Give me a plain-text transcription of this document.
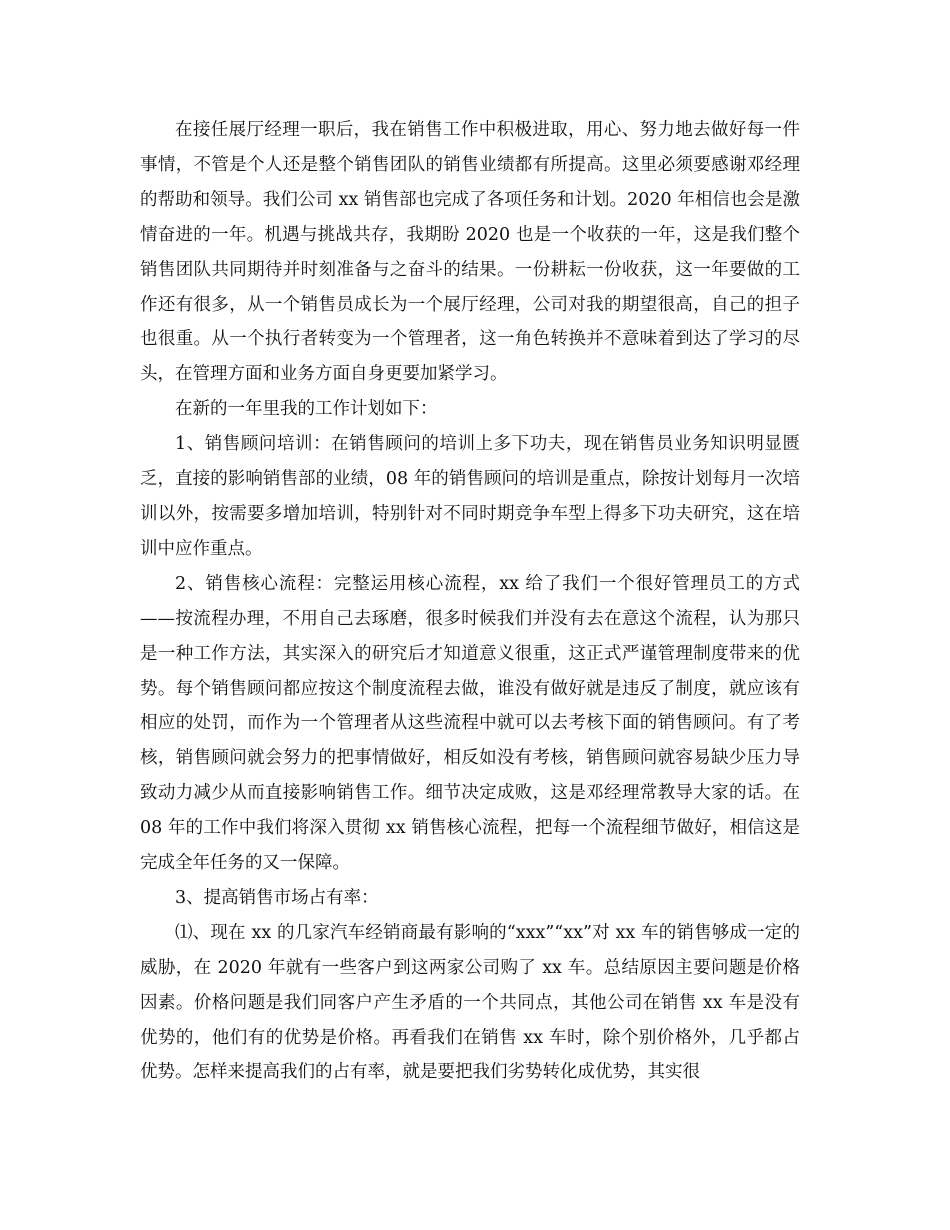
在接任展厅经理一职后，我在销售工作中积极进取，用心、努力地去做好每一件事情，不管是个人还是整个销售团队的销售业绩都有所提高。这里必须要感谢邓经理的帮助和领导。我们公司 xx 销售部也完成了各项任务和计划。2020 年相信也会是激情奋进的一年。机遇与挑战共存，我期盼 2020 也是一个收获的一年，这是我们整个销售团队共同期待并时刻准备与之奋斗的结果。一份耕耘一份收获，这一年要做的工作还有很多，从一个销售员成长为一个展厅经理，公司对我的期望很高，自己的担子也很重。从一个执行者转变为一个管理者，这一角色转换并不意味着到达了学习的尽头，在管理方面和业务方面自身更要加紧学习。

在新的一年里我的工作计划如下：

1、销售顾问培训：在销售顾问的培训上多下功夫，现在销售员业务知识明显匮乏，直接的影响销售部的业绩，08 年的销售顾问的培训是重点，除按计划每月一次培训以外，按需要多增加培训，特别针对不同时期竞争车型上得多下功夫研究，这在培训中应作重点。

2、销售核心流程：完整运用核心流程，xx 给了我们一个很好管理员工的方式——按流程办理，不用自己去琢磨，很多时候我们并没有去在意这个流程，认为那只是一种工作方法，其实深入的研究后才知道意义很重，这正式严谨管理制度带来的优势。每个销售顾问都应按这个制度流程去做，谁没有做好就是违反了制度，就应该有相应的处罚，而作为一个管理者从这些流程中就可以去考核下面的销售顾问。有了考核，销售顾问就会努力的把事情做好，相反如没有考核，销售顾问就容易缺少压力导致动力减少从而直接影响销售工作。细节决定成败，这是邓经理常教导大家的话。在 08 年的工作中我们将深入贯彻 xx 销售核心流程，把每一个流程细节做好，相信这是完成全年任务的又一保障。

3、提高销售市场占有率：

⑴、现在 xx 的几家汽车经销商最有影响的“xxx”“xx”对 xx 车的销售够成一定的威胁，在 2020 年就有一些客户到这两家公司购了 xx 车。总结原因主要问题是价格因素。价格问题是我们同客户产生矛盾的一个共同点，其他公司在销售 xx 车是没有优势的，他们有的优势是价格。再看我们在销售 xx 车时，除个别价格外，几乎都占优势。怎样来提高我们的占有率，就是要把我们劣势转化成优势，其实很
